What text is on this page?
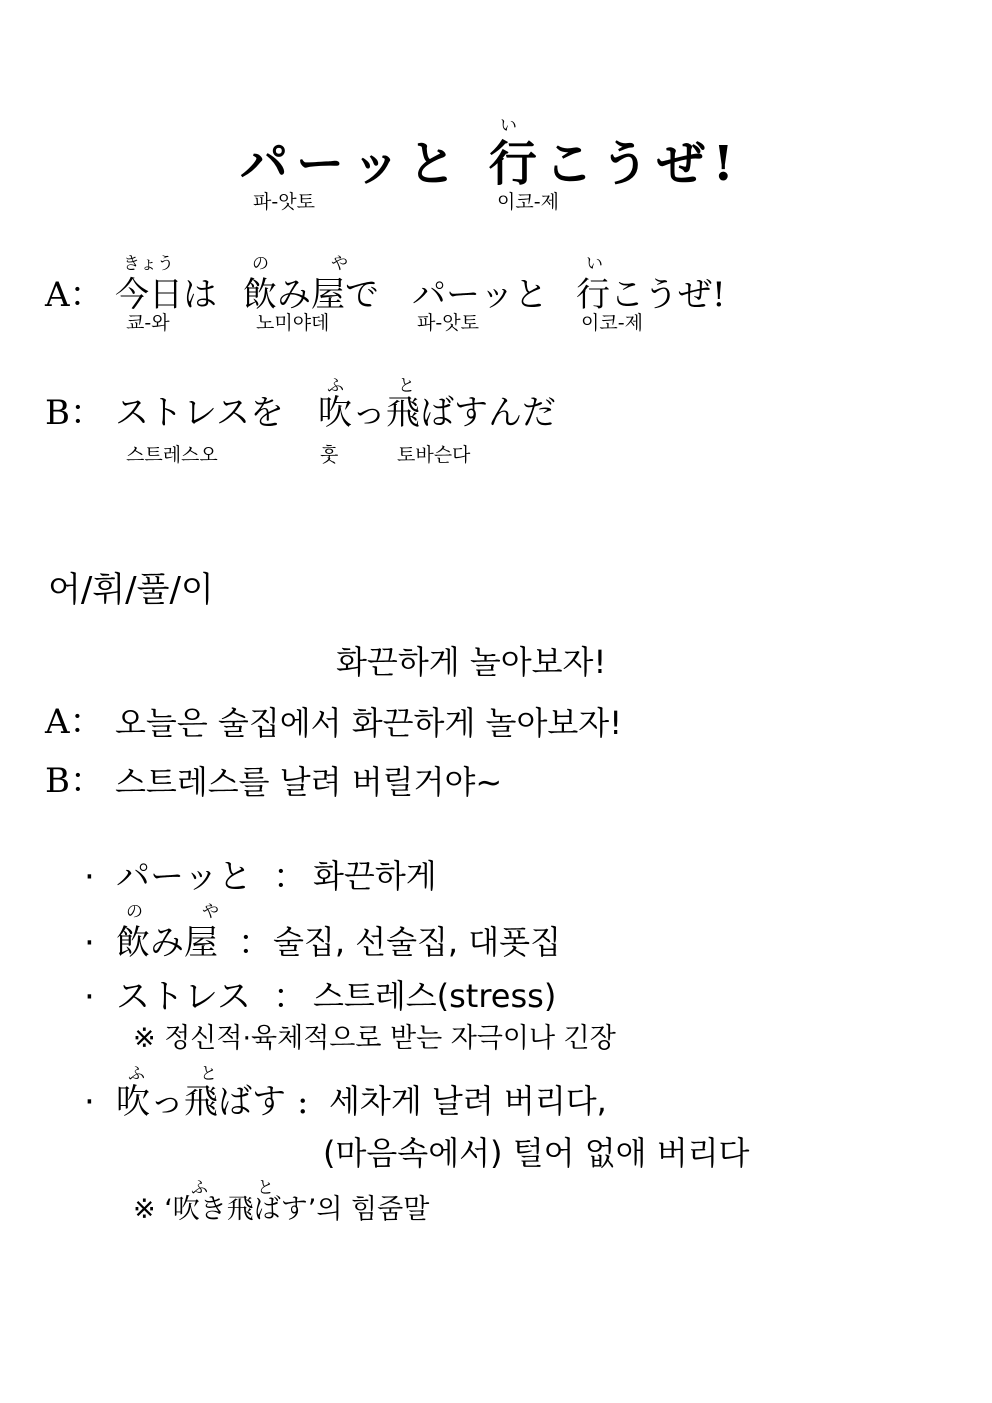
い
パーッと 行こうぜ!
파-앗토	이코-제
きょう	の	や	い
A： 今日は 飲み屋で パーッと 行こうぜ!
쿄-와	노미야데	파-앗토	이코-제
ふ	と
B： ストレスを 吹っ飛ばすんだ
스트레스오	훗	토바슨다
어/휘/풀/이
화끈하게 놀아보자!
A： 오늘은 술집에서 화끈하게 놀아보자!
B： 스트레스를 날려 버릴거야~
· パーッと ： 화끈하게
の	や
· 飲み屋 ： 술집, 선술집, 대폿집
· ストレス ： 스트레스(stress)
※ 정신적·육체적으로 받는 자극이나 긴장
ふ	と
· 吹っ飛ばす : 세차게 날려 버리다,
(마음속에서) 털어 없애 버리다
ふ	と
※ ‘吹き飛ばす’의 힘줌말
